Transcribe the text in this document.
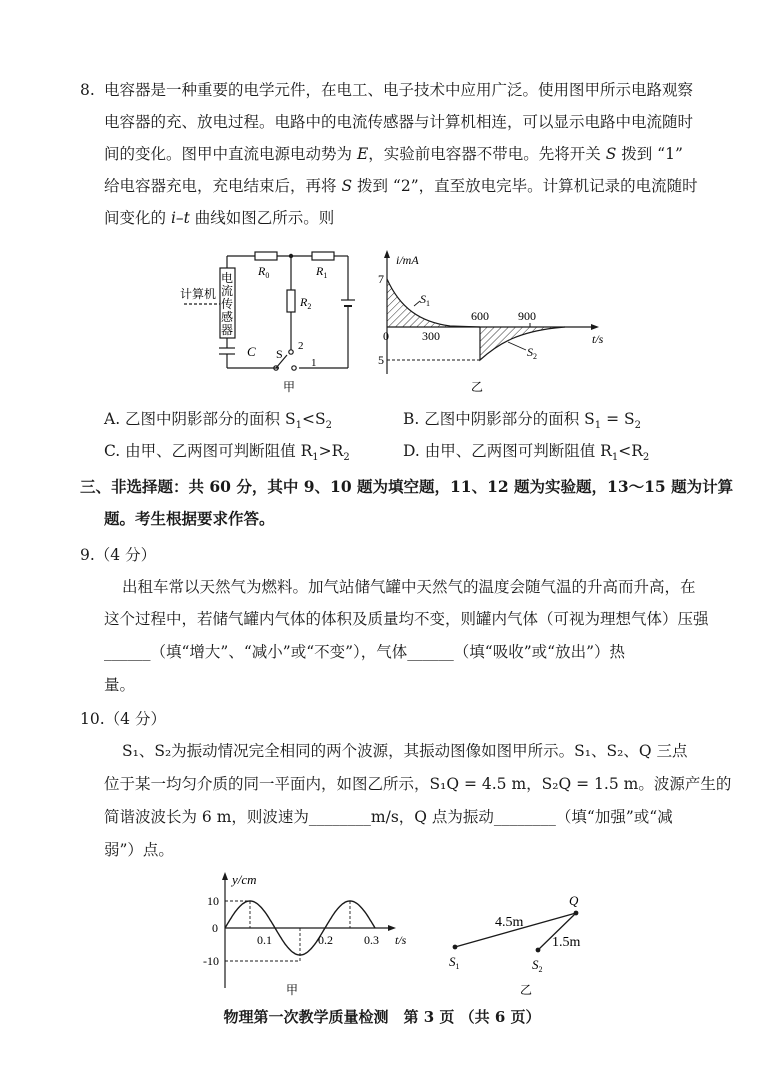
8. 电容器是一种重要的电学元件，在电工、电子技术中应用广泛。使用图甲所示电路观察
电容器的充、放电过程。电路中的电流传感器与计算机相连，可以显示电路中电流随时
间的变化。图甲中直流电源电动势为 E，实验前电容器不带电。先将开关 S 拨到 “1”
给电容器充电，充电结束后，再将 S 拨到 “2”，直至放电完毕。计算机记录的电流随时
间变化的 i–t 曲线如图乙所示。则
计算机
电
流
传
感
器
$R_0$	$R_1$
$R_2$
C S
2
1
甲
i/mA
7
5
0	300
600 900
t/s
$S_1$
$S_2$
乙
A. 乙图中阴影部分的面积 $S_1<S_2$	B. 乙图中阴影部分的面积 $S_1 = S_2$
C. 由甲、乙两图可判断阻值 $R_1>R_2$	D. 由甲、乙两图可判断阻值 $R_1<R_2$
三、非选择题：共 60 分，其中 9、10 题为填空题，11、12 题为实验题，13～15 题为计算
题。考生根据要求作答。
9.（4 分）
出租车常以天然气为燃料。加气站储气罐中天然气的温度会随气温的升高而升高，在
这个过程中，若储气罐内气体的体积及质量均不变，则罐内气体（可视为理想气体）压强
______（填“增大”、“减小”或“不变”），气体______（填“吸收”或“放出”）热
量。
10.（4 分）
S₁、S₂为振动情况完全相同的两个波源，其振动图像如图甲所示。S₁、S₂、Q 三点
位于某一均匀介质的同一平面内，如图乙所示，S₁Q = 4.5 m，S₂Q = 1.5 m。波源产生的
简谐波波长为 6 m，则波速为________m/s，Q 点为振动________（填“加强”或“减
弱”）点。
y/cm
10
0
-10
0.1	0.2	0.3 t/s
甲
Q
4.5m
1.5m
$S_1$	$S_2$
乙
物理第一次教学质量检测　第 3 页 （共 6 页）
